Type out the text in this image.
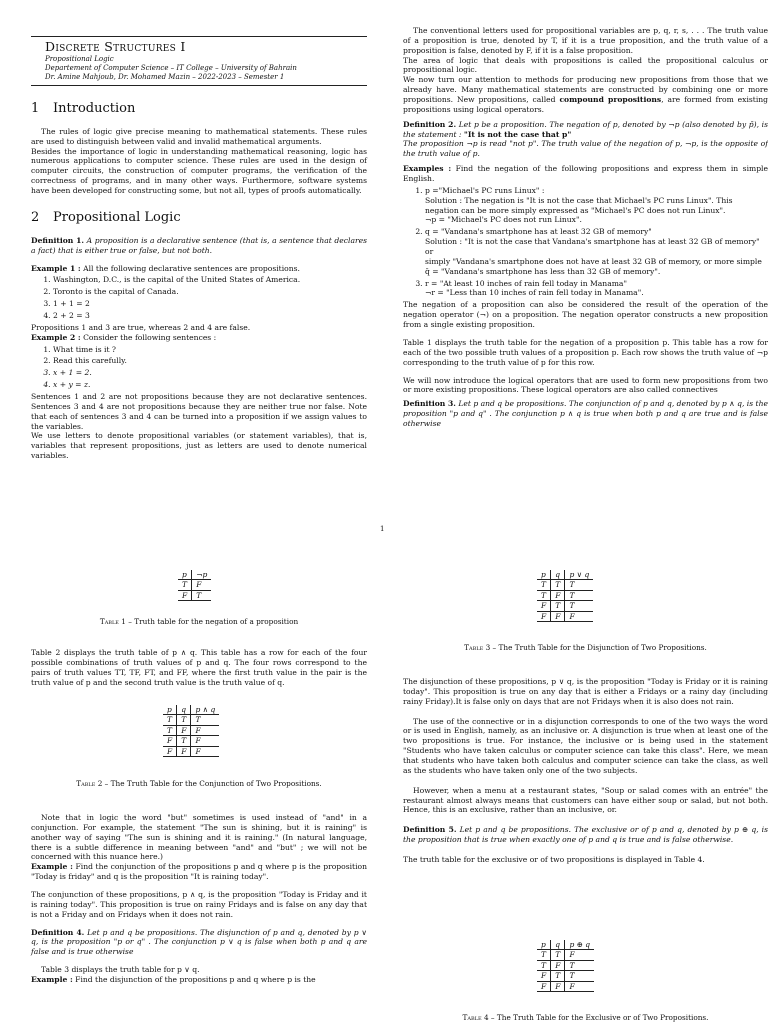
Discrete Structures I
Propositional Logic
Departement of Computer Science – IT College – University of Bahrain
Dr. Amine Mahjoub, Dr. Mohamed Mazin – 2022-2023 – Semester 1
1 Introduction

The rules of logic give precise meaning to mathematical statements. These rules are used to distinguish between valid and invalid mathematical arguments.

Besides the importance of logic in understanding mathematical reasoning, logic has numerous applications to computer science. These rules are used in the design of computer circuits, the construction of computer programs, the verification of the correctness of programs, and in many other ways. Furthermore, software systems have been developed for constructing some, but not all, types of proofs automatically.

2 Propositional Logic

Definition 1. A proposition is a declarative sentence (that is, a sentence that declares a fact) that is either true or false, but not both.

Example 1 : All the following declarative sentences are propositions.

1. Washington, D.C., is the capital of the United States of America.
2. Toronto is the capital of Canada.
3. 1 + 1 = 2
4. 2 + 2 = 3

Propositions 1 and 3 are true, whereas 2 and 4 are false.

Example 2 : Consider the following sentences :

1. What time is it ?
2. Read this carefully.
3. x + 1 = 2.
4. x + y = z.

Sentences 1 and 2 are not propositions because they are not declarative sentences. Sentences 3 and 4 are not propositions because they are neither true nor false. Note that each of sentences 3 and 4 can be turned into a proposition if we assign values to the variables.

We use letters to denote propositional variables (or statement variables), that is, variables that represent propositions, just as letters are used to denote numerical variables.

The conventional letters used for propositional variables are p, q, r, s, . . . The truth value of a proposition is true, denoted by T, if it is a true proposition, and the truth value of a proposition is false, denoted by F, if it is a false proposition.

The area of logic that deals with propositions is called the propositional calculus or propositional logic.

We now turn our attention to methods for producing new propositions from those that we already have. Many mathematical statements are constructed by combining one or more propositions. New propositions, called compound propositions, are formed from existing propositions using logical operators.

Definition 2. Let p be a proposition. The negation of p, denoted by ¬p (also denoted by p̄), is the statement : "It is not the case that p"

The proposition ¬p is read "not p". The truth value of the negation of p, ¬p, is the opposite of the truth value of p.

Examples : Find the negation of the following propositions and express them in simple English.

1. p ="Michael's PC runs Linux" :
Solution : The negation is "It is not the case that Michael's PC runs Linux". This negation can be more simply expressed as "Michael's PC does not run Linux".
¬p = "Michael's PC does not run Linux".
2. q = "Vandana's smartphone has at least 32 GB of memory"
Solution : "It is not the case that Vandana's smartphone has at least 32 GB of memory" or
simply "Vandana's smartphone does not have at least 32 GB of memory, or more simple
q̄ = "Vandana's smartphone has less than 32 GB of memory".
3. r = "At least 10 inches of rain fell today in Manama"
¬r = "Less than 10 inches of rain fell today in Manama".

The negation of a proposition can also be considered the result of the operation of the negation operator (¬) on a proposition. The negation operator constructs a new proposition from a single existing proposition.

Table 1 displays the truth table for the negation of a proposition p. This table has a row for each of the two possible truth values of a proposition p. Each row shows the truth value of ¬p corresponding to the truth value of p for this row.

We will now introduce the logical operators that are used to form new propositions from two or more existing propositions. These logical operators are also called connectives

Definition 3. Let p and q be propositions. The conjunction of p and q, denoted by p ∧ q, is the proposition "p and q" . The conjunction p ∧ q is true when both p and q are true and is false otherwise

1
p	¬p
T	F
F	T
Table 1 – Truth table for the negation of a proposition
p	q	p ∨ q
T	T	T
T	F	T
F	T	T
F	F	F
Table 3 – The Truth Table for the Disjunction of Two Propositions.

Table 2 displays the truth table of p ∧ q. This table has a row for each of the four possible combinations of truth values of p and q. The four rows correspond to the pairs of truth values TT, TF, FT, and FF, where the first truth value in the pair is the truth value of p and the second truth value is the truth value of q.

p	q	p ∧ q
T	T	T
T	F	F
F	T	F
F	F	F
Table 2 – The Truth Table for the Conjunction of Two Propositions.

Note that in logic the word "but" sometimes is used instead of "and" in a conjunction. For example, the statement "The sun is shining, but it is raining" is another way of saying "The sun is shining and it is raining." (In natural language, there is a subtle difference in meaning between "and" and "but" ; we will not be concerned with this nuance here.)

Example : Find the conjunction of the propositions p and q where p is the proposition "Today is friday" and q is the proposition "It is raining today".

The conjunction of these propositions, p ∧ q, is the proposition "Today is Friday and it is raining today". This proposition is true on rainy Fridays and is false on any day that is not a Friday and on Fridays when it does not rain.

Definition 4. Let p and q be propositions. The disjunction of p and q, denoted by p ∨ q, is the proposition "p or q" . The conjunction p ∨ q is false when both p and q are false and is true otherwise

Table 3 displays the truth table for p ∨ q.

Example : Find the disjunction of the propositions p and q where p is the

The disjunction of these propositions, p ∨ q, is the proposition "Today is Friday or it is raining today". This proposition is true on any day that is either a Fridays or a rainy day (including rainy Friday).It is false only on days that are not Fridays when it is also does not rain.

The use of the connective or in a disjunction corresponds to one of the two ways the word or is used in English, namely, as an inclusive or. A disjunction is true when at least one of the two propositions is true. For instance, the inclusive or is being used in the statement "Students who have taken calculus or computer science can take this class". Here, we mean that students who have taken both calculus and computer science can take the class, as well as the students who have taken only one of the two subjects.

However, when a menu at a restaurant states, "Soup or salad comes with an entrée" the restaurant almost always means that customers can have either soup or salad, but not both. Hence, this is an exclusive, rather than an inclusive, or.

Definition 5. Let p and q be propositions. The exclusive or of p and q, denoted by p ⊕ q, is the proposition that is true when exactly one of p and q is true and is false otherwise.

The truth table for the exclusive or of two propositions is displayed in Table 4.

p	q	p ⊕ q
T	T	F
T	F	T
F	T	T
F	F	F
Table 4 – The Truth Table for the Exclusive or of Two Propositions.
